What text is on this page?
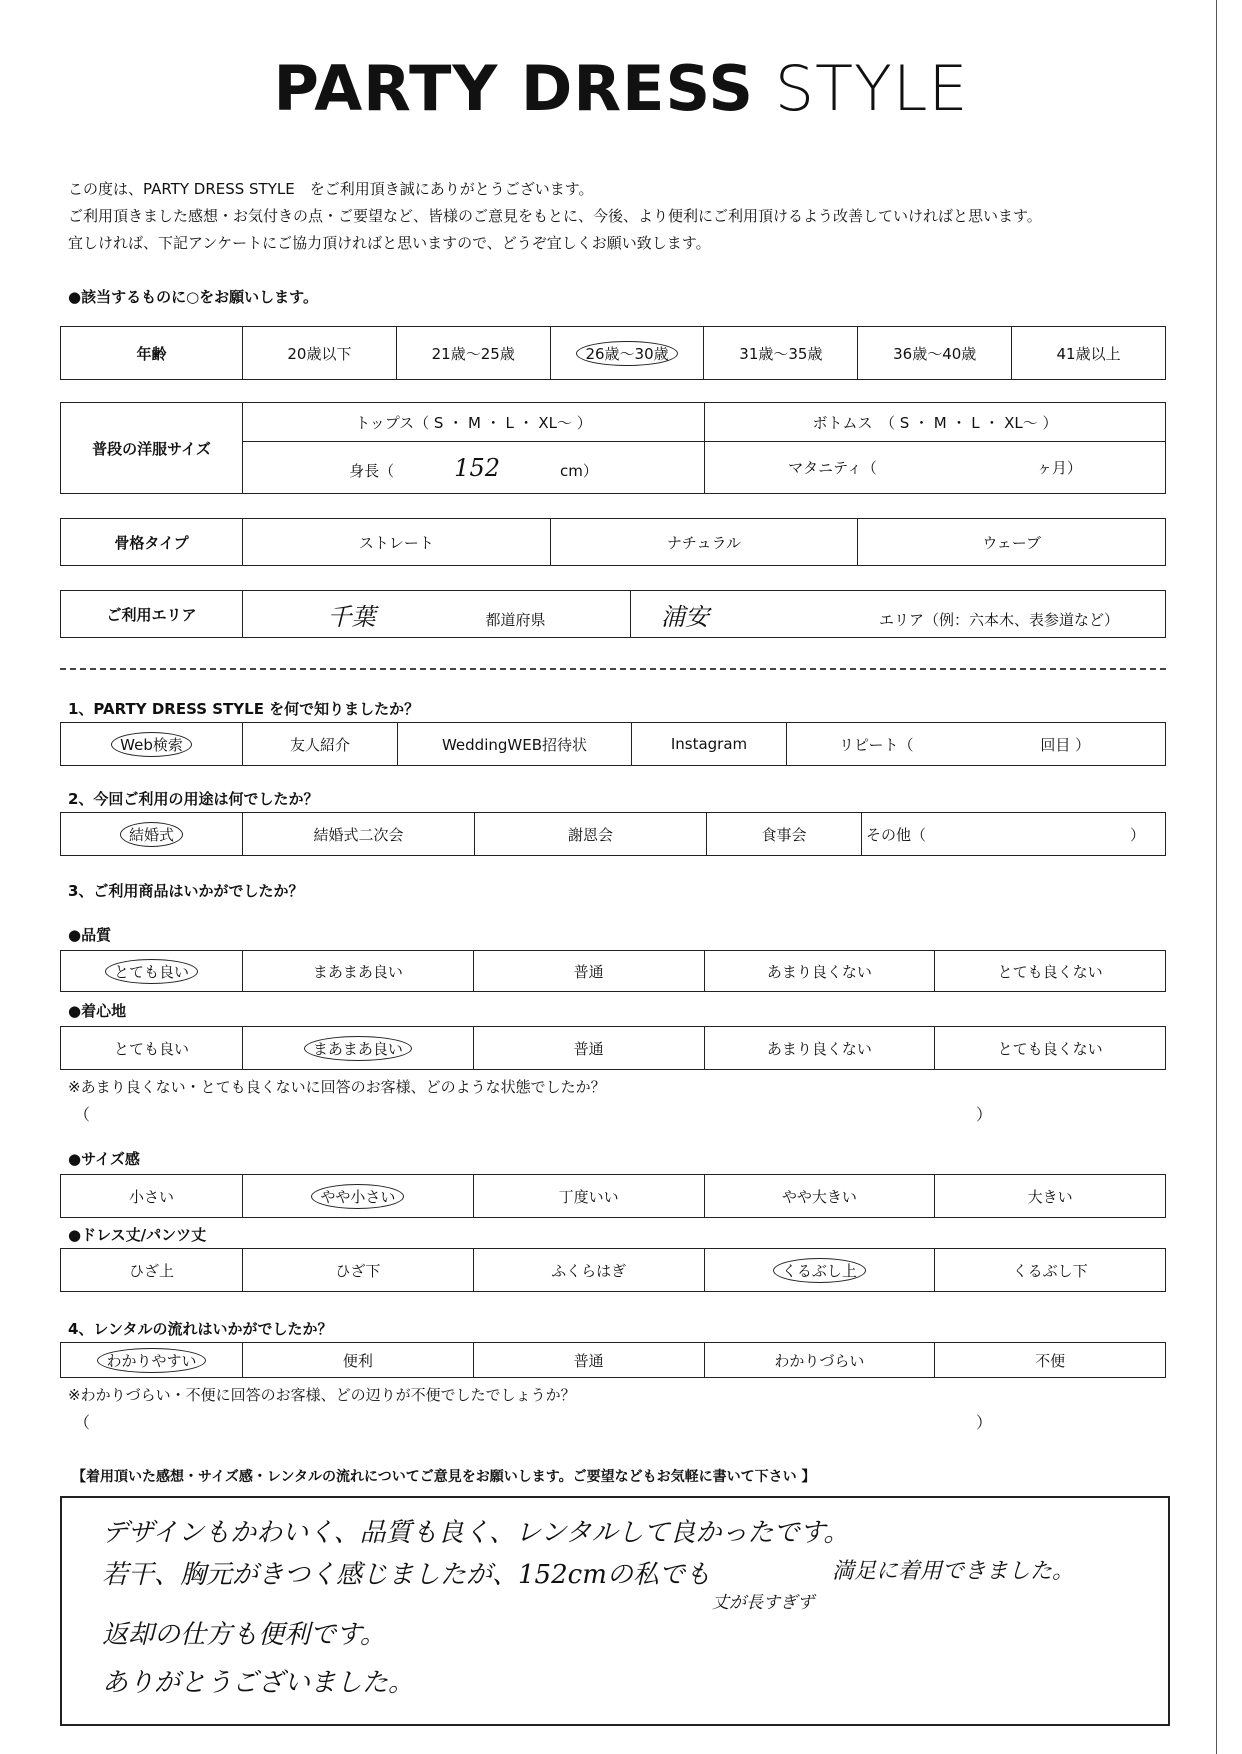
PARTY DRESS STYLE
この度は、PARTY DRESS STYLE　をご利用頂き誠にありがとうございます。
ご利用頂きました感想・お気付きの点・ご要望など、皆様のご意見をもとに、今後、より便利にご利用頂けるよう改善していければと思います。
宜しければ、下記アンケートにご協力頂ければと思いますので、どうぞ宜しくお願い致します。
●該当するものに○をお願いします。
年齢	20歳以下	21歳～25歳	26歳～30歳	31歳～35歳	36歳～40歳	41歳以上
普段の洋服サイズ	トップス（ S ・ M ・ L ・ XL～ ）	ボトムス　（ S ・ M ・ L ・ XL～ ）
	身長（ 152 cm）	マタニティ（ ヶ月）
骨格タイプ	ストレート	ナチュラル	ウェーブ
ご利用エリア	千葉	都道府県	浦安	エリア（例：六本木、表参道など）
1、PARTY DRESS STYLE を何で知りましたか？
Web検索	友人紹介	WeddingWEB招待状	Instagram	リピート（	回目 ）
2、今回ご利用の用途は何でしたか？
結婚式	結婚式二次会	謝恩会	食事会	その他（	）
3、ご利用商品はいかがでしたか？
●品質
とても良い	まあまあ良い	普通	あまり良くない	とても良くない
●着心地
とても良い	まあまあ良い	普通	あまり良くない	とても良くない
※あまり良くない・とても良くないに回答のお客様、どのような状態でしたか？
（	）
●サイズ感
小さい	やや小さい	丁度いい	やや大きい	大きい
●ドレス丈/パンツ丈
ひざ上	ひざ下	ふくらはぎ	くるぶし上	くるぶし下
4、レンタルの流れはいかがでしたか？
わかりやすい	便利	普通	わかりづらい	不便
※わかりづらい・不便に回答のお客様、どの辺りが不便でしたでしょうか？
（	）
【着用頂いた感想・サイズ感・レンタルの流れについてご意見をお願いします。ご要望などもお気軽に書いて下さい 】
デザインもかわいく、品質も良く、レンタルして良かったです。
若干、胸元がきつく感じましたが、152cmの私でも	満足に着用できました。
丈が長すぎず
返却の仕方も便利です。
ありがとうございました。
